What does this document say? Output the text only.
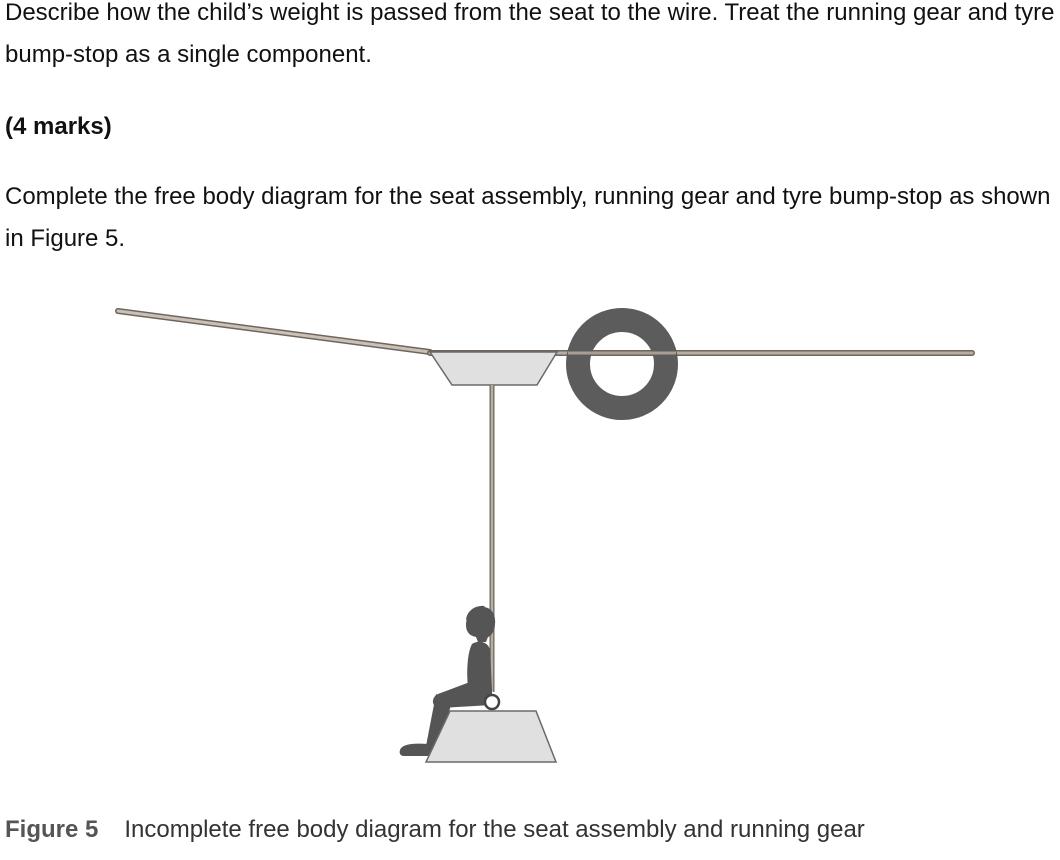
Describe how the child’s weight is passed from the seat to the wire. Treat the running gear and tyre bump-stop as a single component.

(4 marks)

Complete the free body diagram for the seat assembly, running gear and tyre bump-stop as shown in Figure 5.

Figure 5 Incomplete free body diagram for the seat assembly and running gear
